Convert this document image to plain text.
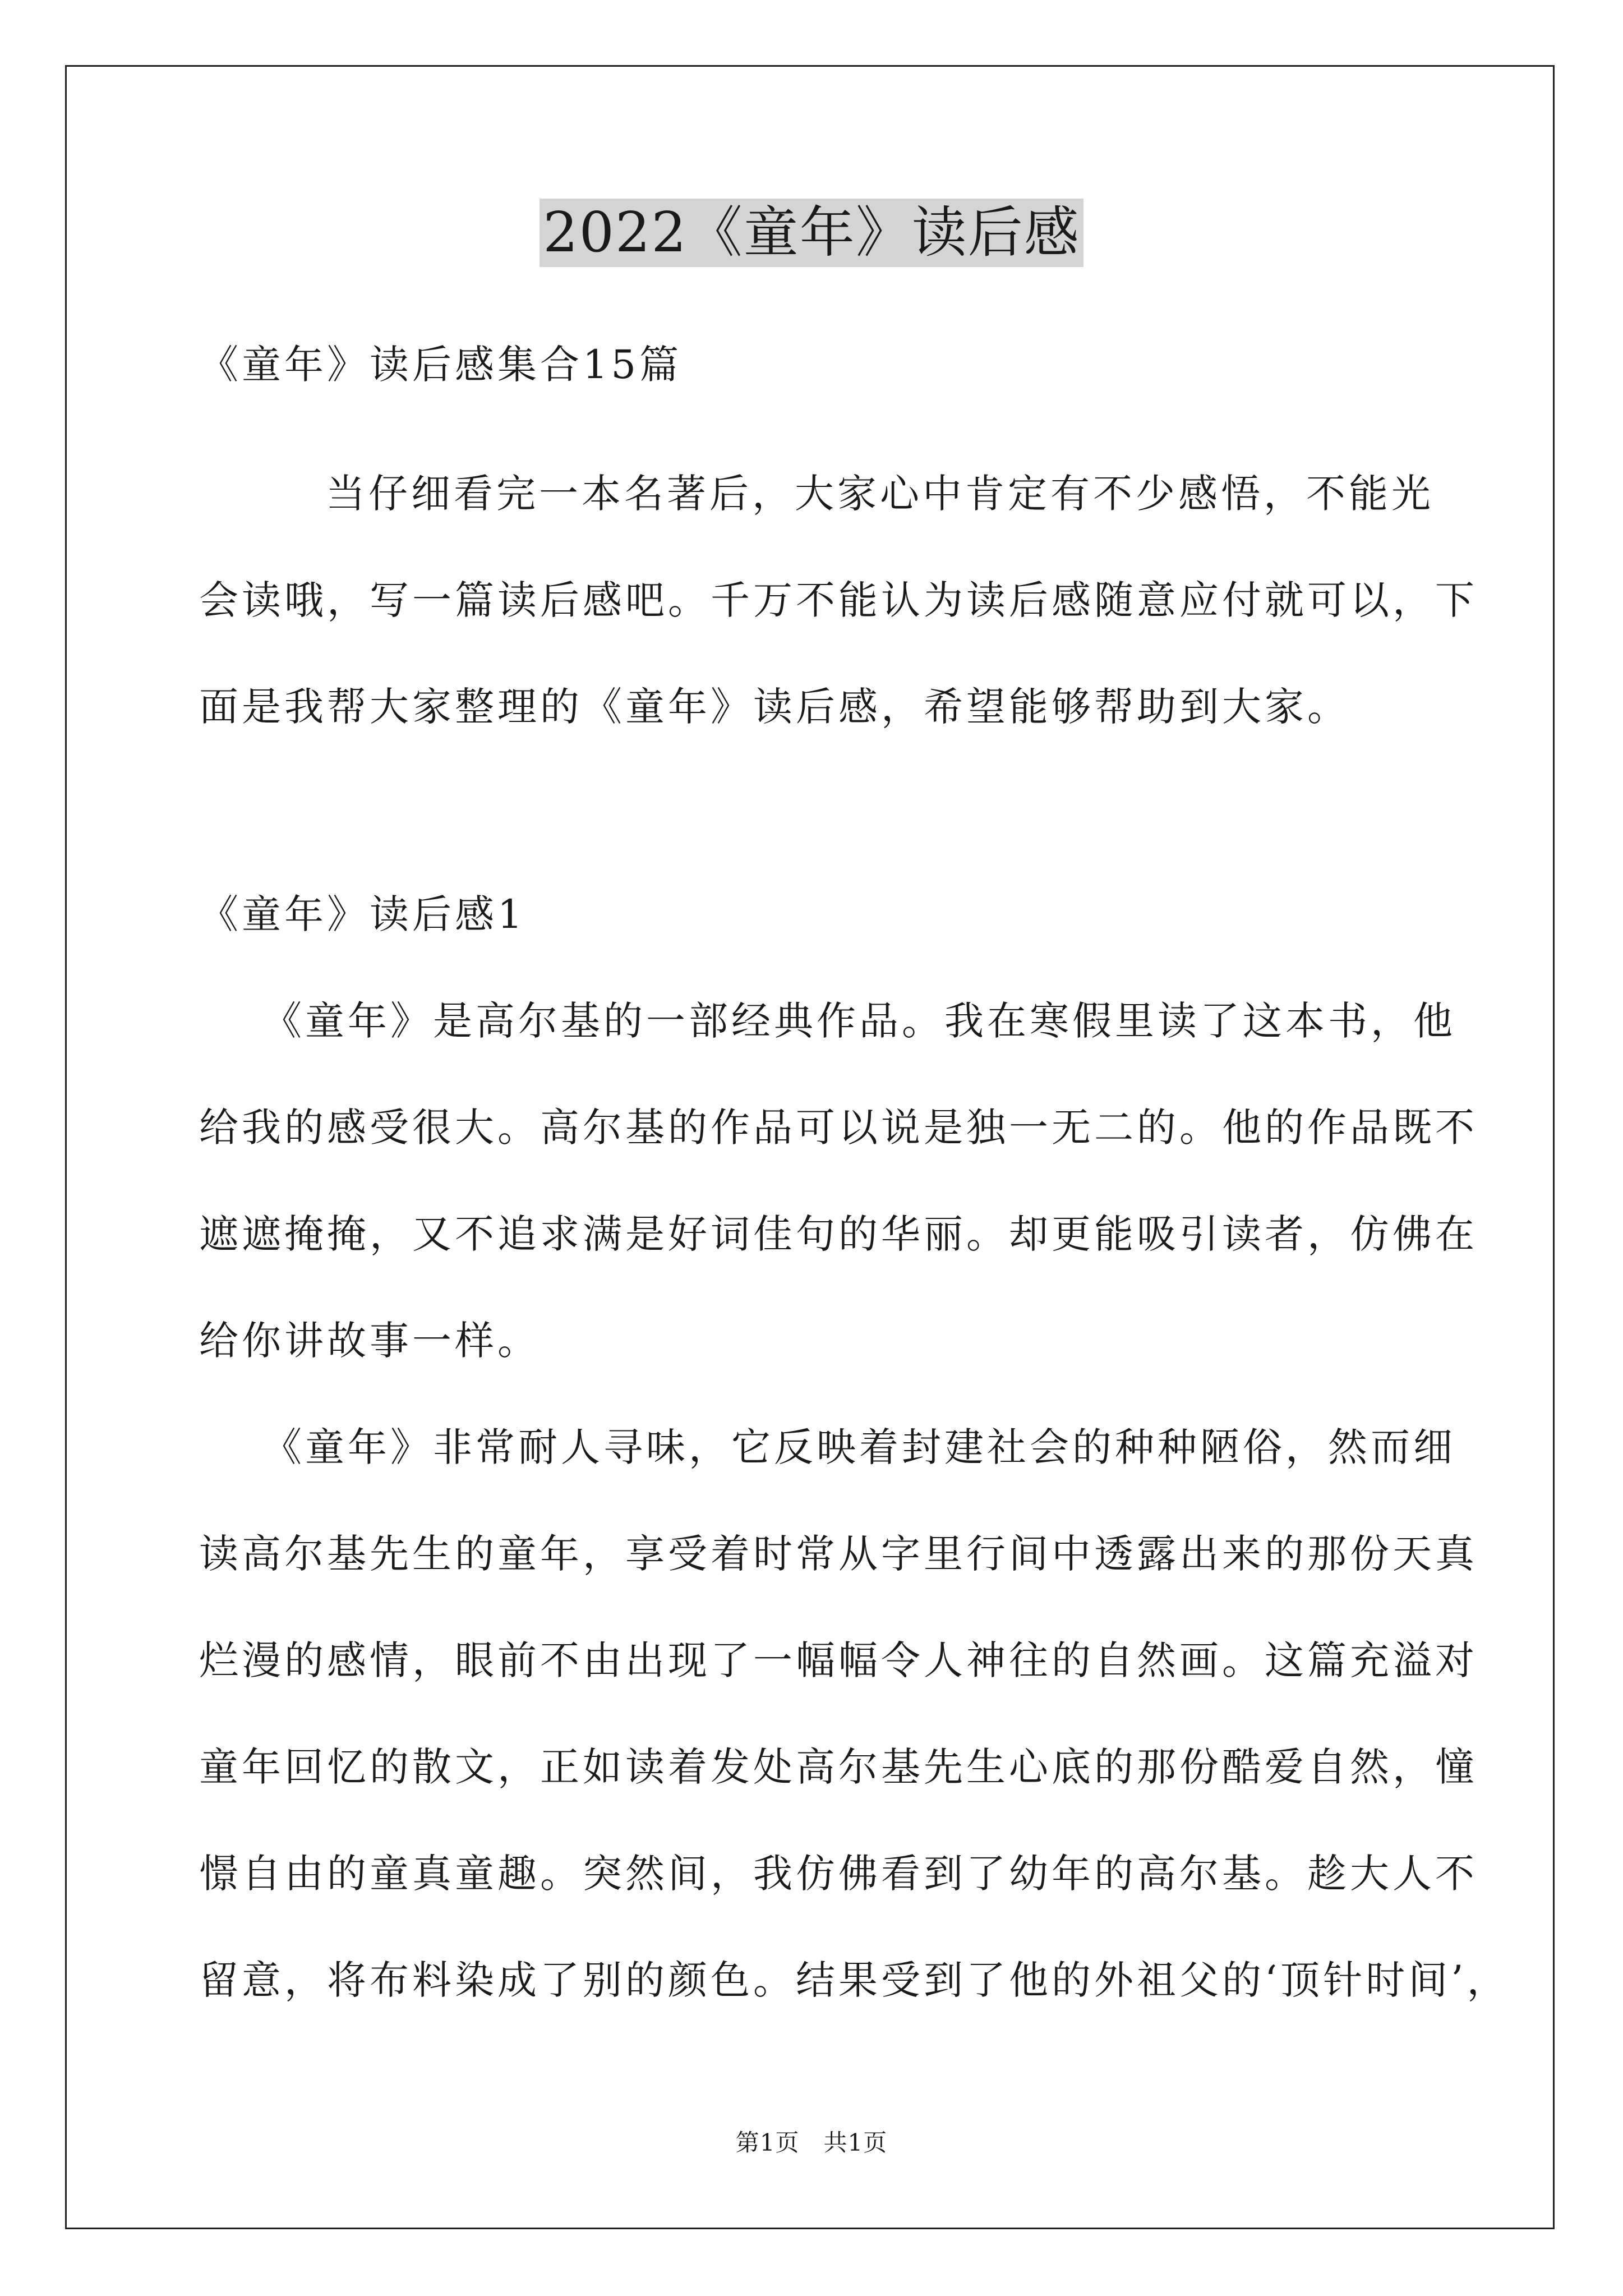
2022《童年》读后感
《童年》读后感集合15篇
当仔细看完一本名著后，大家心中肯定有不少感悟，不能光
会读哦，写一篇读后感吧。千万不能认为读后感随意应付就可以，下
面是我帮大家整理的《童年》读后感，希望能够帮助到大家。
《童年》读后感1
《童年》是高尔基的一部经典作品。我在寒假里读了这本书，他
给我的感受很大。高尔基的作品可以说是独一无二的。他的作品既不
遮遮掩掩，又不追求满是好词佳句的华丽。却更能吸引读者，仿佛在
给你讲故事一样。
《童年》非常耐人寻味，它反映着封建社会的种种陋俗，然而细
读高尔基先生的童年，享受着时常从字里行间中透露出来的那份天真
烂漫的感情，眼前不由出现了一幅幅令人神往的自然画。这篇充溢对
童年回忆的散文，正如读着发处高尔基先生心底的那份酷爱自然，憧
憬自由的童真童趣。突然间，我仿佛看到了幼年的高尔基。趁大人不
留意，将布料染成了别的颜色。结果受到了他的外祖父的‘顶针时间’，
第1页   共1页
